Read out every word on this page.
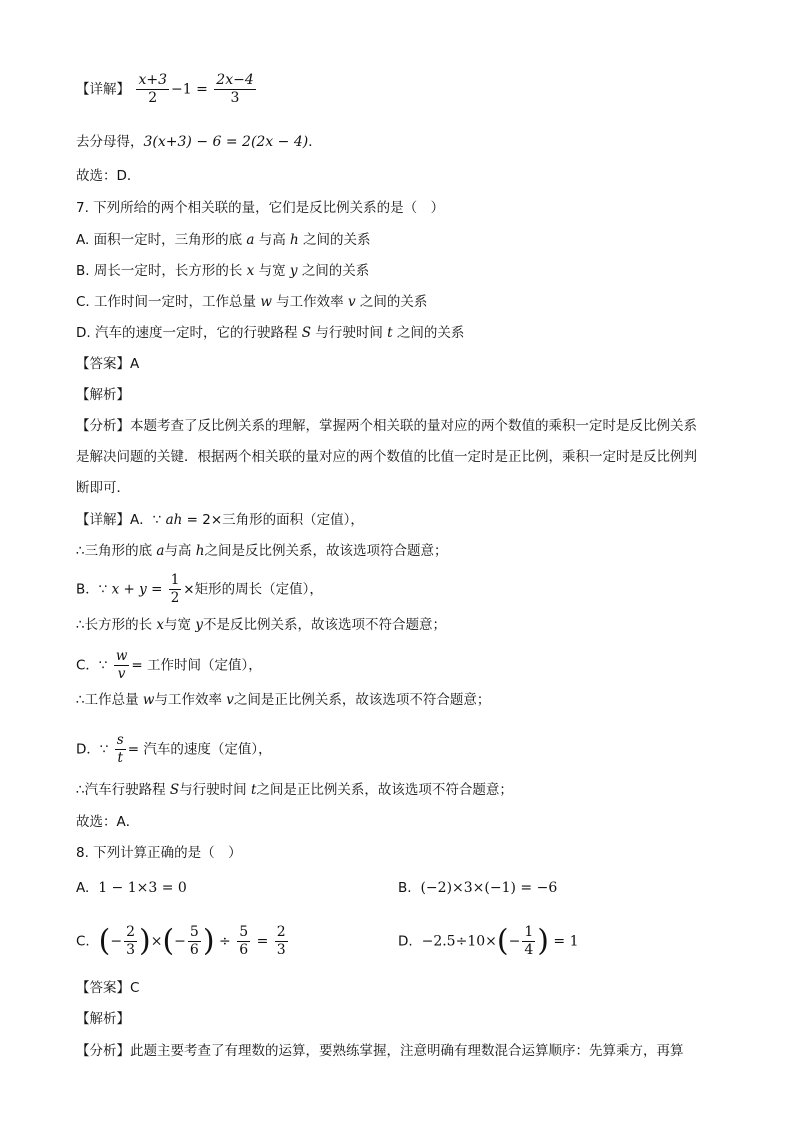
【详解】 $\frac{x+3}{2} -1 = \frac{2x-4}{3}$
去分母得，3(x+3) − 6 = 2(2x − 4)．
故选：D．
7. 下列所给的两个相关联的量，它们是反比例关系的是（　）
A. 面积一定时，三角形的底 a 与高 h 之间的关系
B. 周长一定时，长方形的长 x 与宽 y 之间的关系
C. 工作时间一定时，工作总量 w 与工作效率 v 之间的关系
D. 汽车的速度一定时，它的行驶路程 S 与行驶时间 t 之间的关系
【答案】A
【解析】
【分析】本题考查了反比例关系的理解，掌握两个相关联的量对应的两个数值的乘积一定时是反比例关系
是解决问题的关键．根据两个相关联的量对应的两个数值的比值一定时是正比例，乘积一定时是反比例判
断即可．
【详解】A．∵ ah = 2×三角形的面积（定值），
∴三角形的底 a与高 h之间是反比例关系，故该选项符合题意；
B．∵ $x + y = \frac{1}{2}$ ×矩形的周长（定值），
∴长方形的长 x与宽 y不是反比例关系，故该选项不符合题意；
C．∵ $\frac{w}{v}$ = 工作时间（定值），
∴工作总量 w与工作效率 v之间是正比例关系，故该选项不符合题意；
D．∵ $\frac{s}{t}$ = 汽车的速度（定值），
∴汽车行驶路程 S与行驶时间 t之间是正比例关系，故该选项不符合题意；
故选：A．
8. 下列计算正确的是（　）
A. 1 − 1×3 = 0	B. (−2)×3×(−1) = −6
C. (− $\frac{2}{3}$ )×(− $\frac{5}{6}$ ) ÷ $\frac{5}{6} = \frac{2}{3}$	D. $-2.5\div 10\times(- \frac{1}{4}$ ) = 1
【答案】C
【解析】
【分析】此题主要考查了有理数的运算，要熟练掌握，注意明确有理数混合运算顺序：先算乘方，再算
